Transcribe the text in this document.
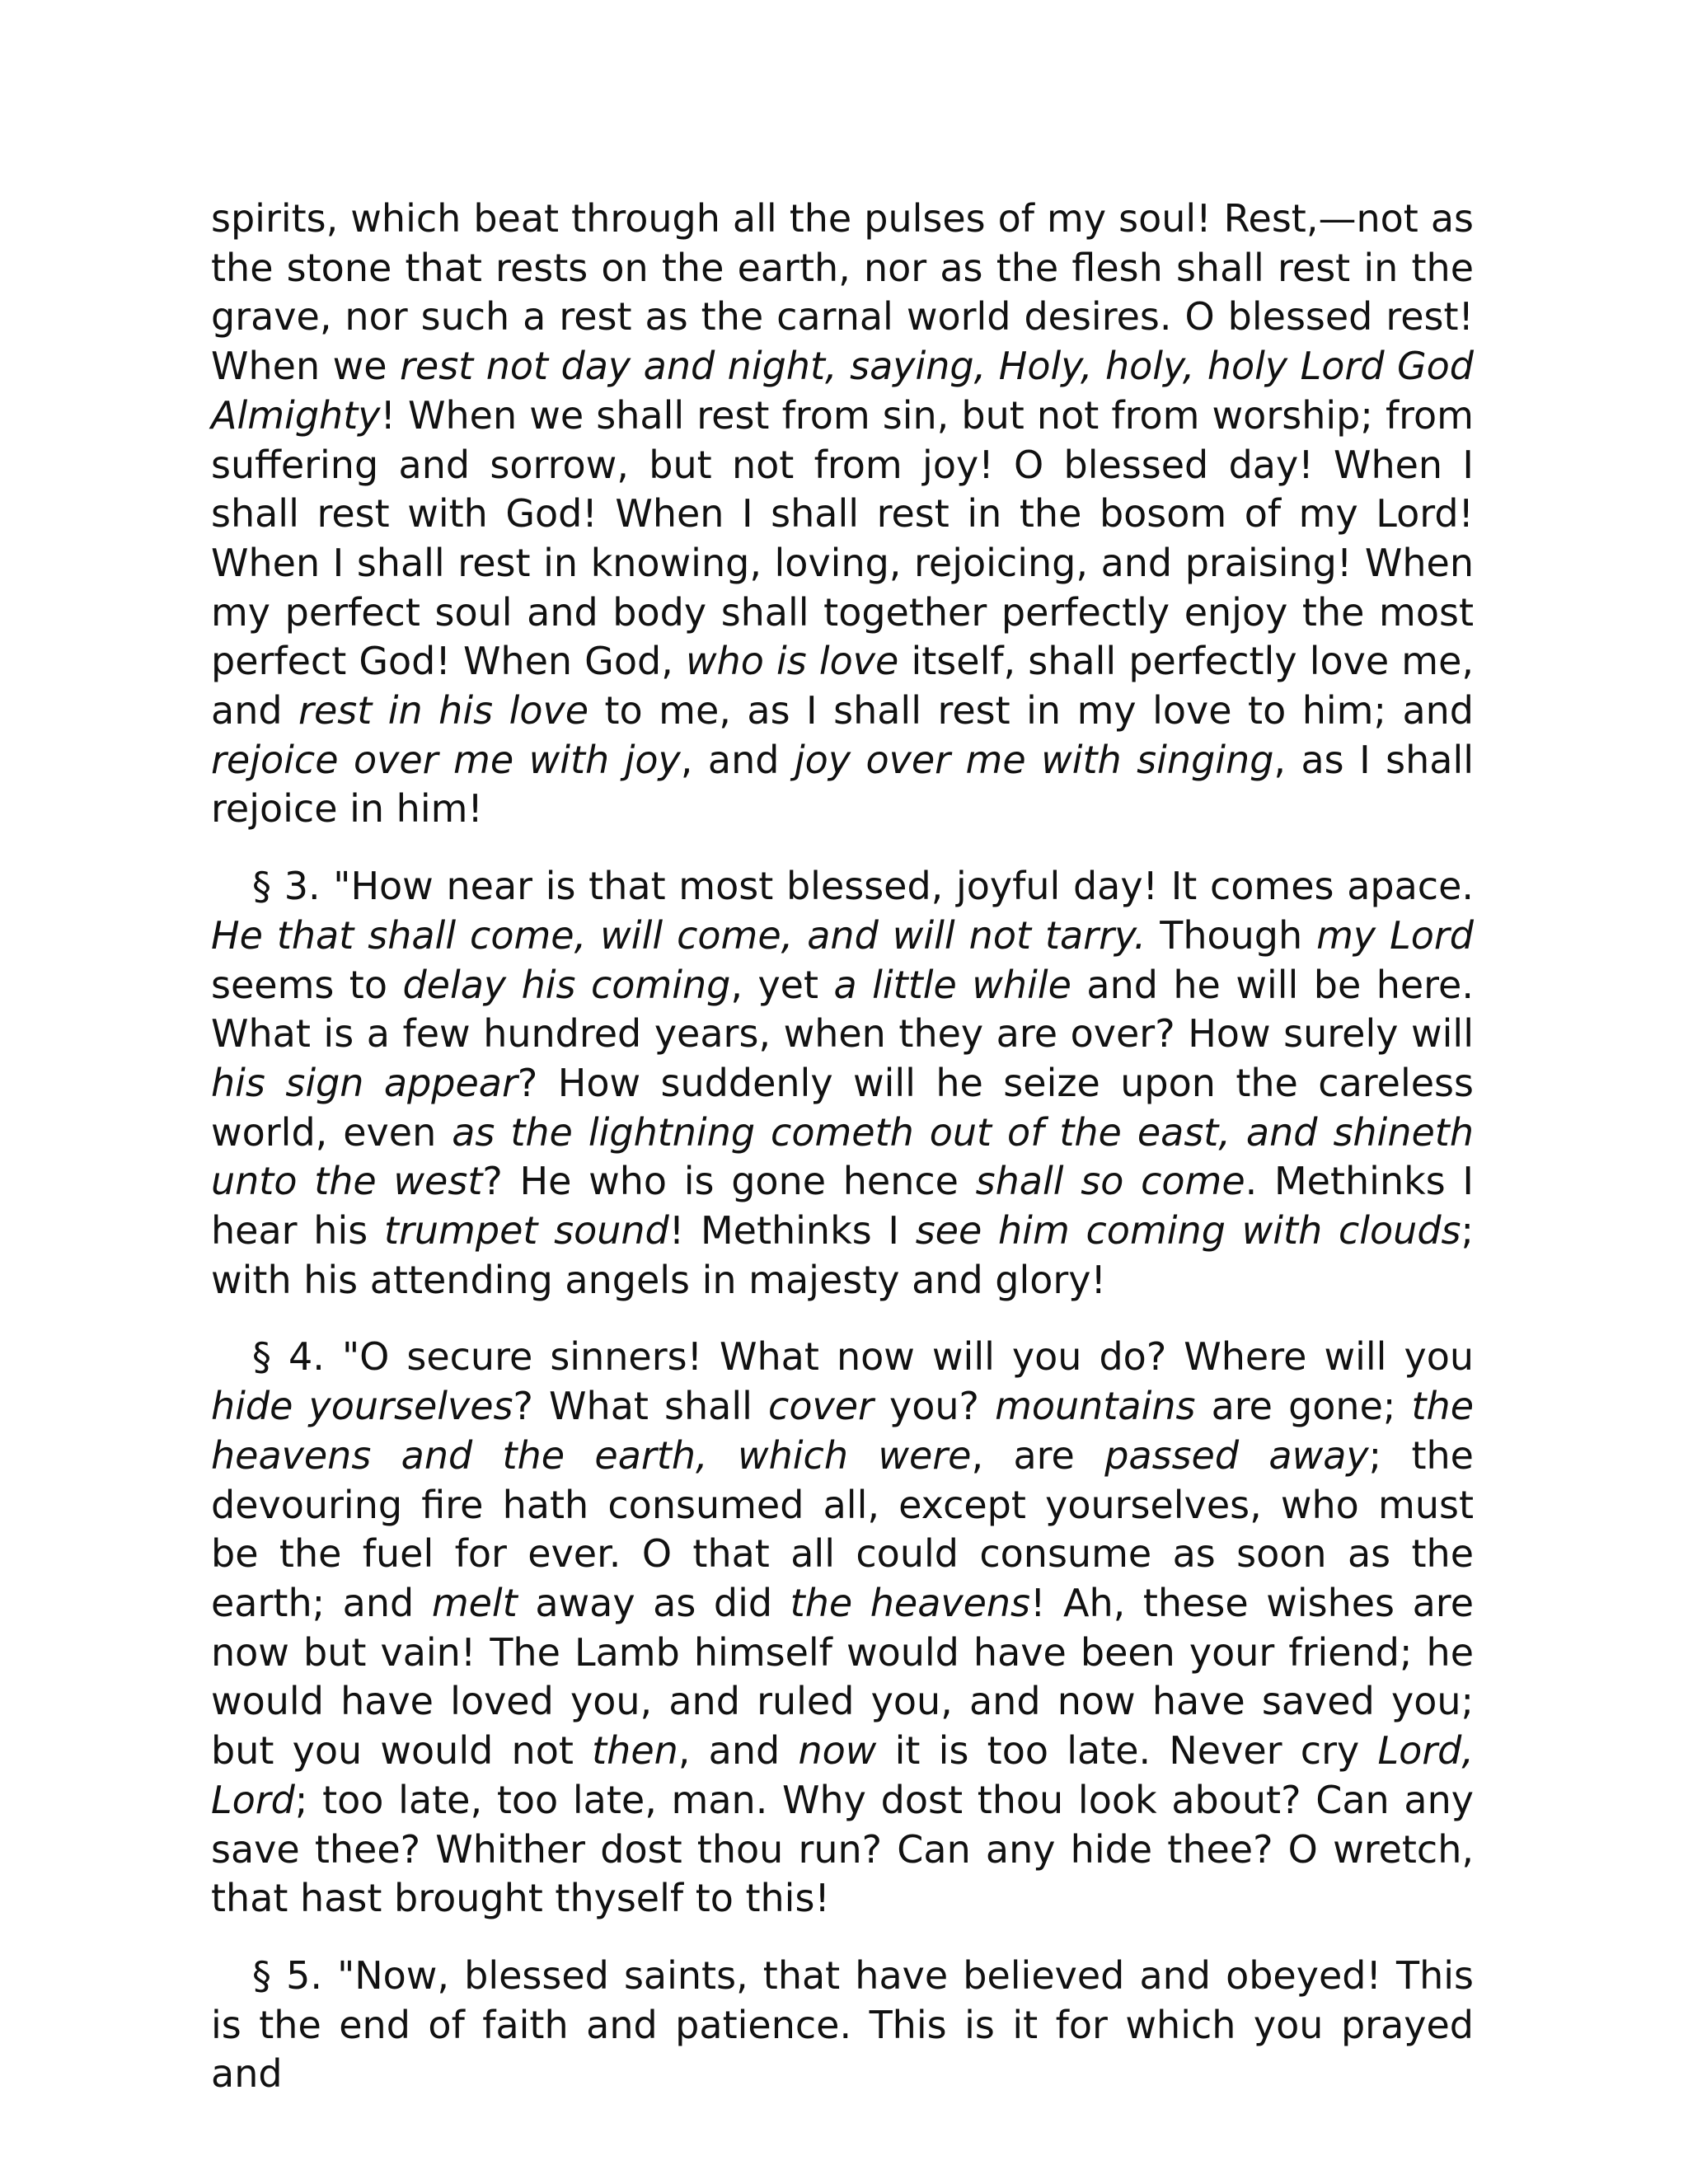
spirits, which beat through all the pulses of my soul! Rest,—not as the stone that rests on the earth, nor as the flesh shall rest in the grave, nor such a rest as the carnal world desires. O blessed rest! When we rest not day and night, saying, Holy, holy, holy Lord God Almighty! When we shall rest from sin, but not from worship; from suffering and sorrow, but not from joy! O blessed day! When I shall rest with God! When I shall rest in the bosom of my Lord! When I shall rest in knowing, loving, rejoicing, and praising! When my perfect soul and body shall together perfectly enjoy the most perfect God! When God, who is love itself, shall perfectly love me, and rest in his love to me, as I shall rest in my love to him; and rejoice over me with joy, and joy over me with singing, as I shall rejoice in him!

§ 3. "How near is that most blessed, joyful day! It comes apace. He that shall come, will come, and will not tarry. Though my Lord seems to delay his coming, yet a little while and he will be here. What is a few hundred years, when they are over? How surely will his sign appear? How suddenly will he seize upon the careless world, even as the lightning cometh out of the east, and shineth unto the west? He who is gone hence shall so come. Methinks I hear his trumpet sound! Methinks I see him coming with clouds; with his attending angels in majesty and glory!

§ 4. "O secure sinners! What now will you do? Where will you hide yourselves? What shall cover you? mountains are gone; the heavens and the earth, which were, are passed away; the devouring fire hath consumed all, except yourselves, who must be the fuel for ever. O that all could consume as soon as the earth; and melt away as did the heavens! Ah, these wishes are now but vain! The Lamb himself would have been your friend; he would have loved you, and ruled you, and now have saved you; but you would not then, and now it is too late. Never cry Lord, Lord; too late, too late, man. Why dost thou look about? Can any save thee? Whither dost thou run? Can any hide thee? O wretch, that hast brought thyself to this!

§ 5. "Now, blessed saints, that have believed and obeyed! This is the end of faith and patience. This is it for which you prayed and
